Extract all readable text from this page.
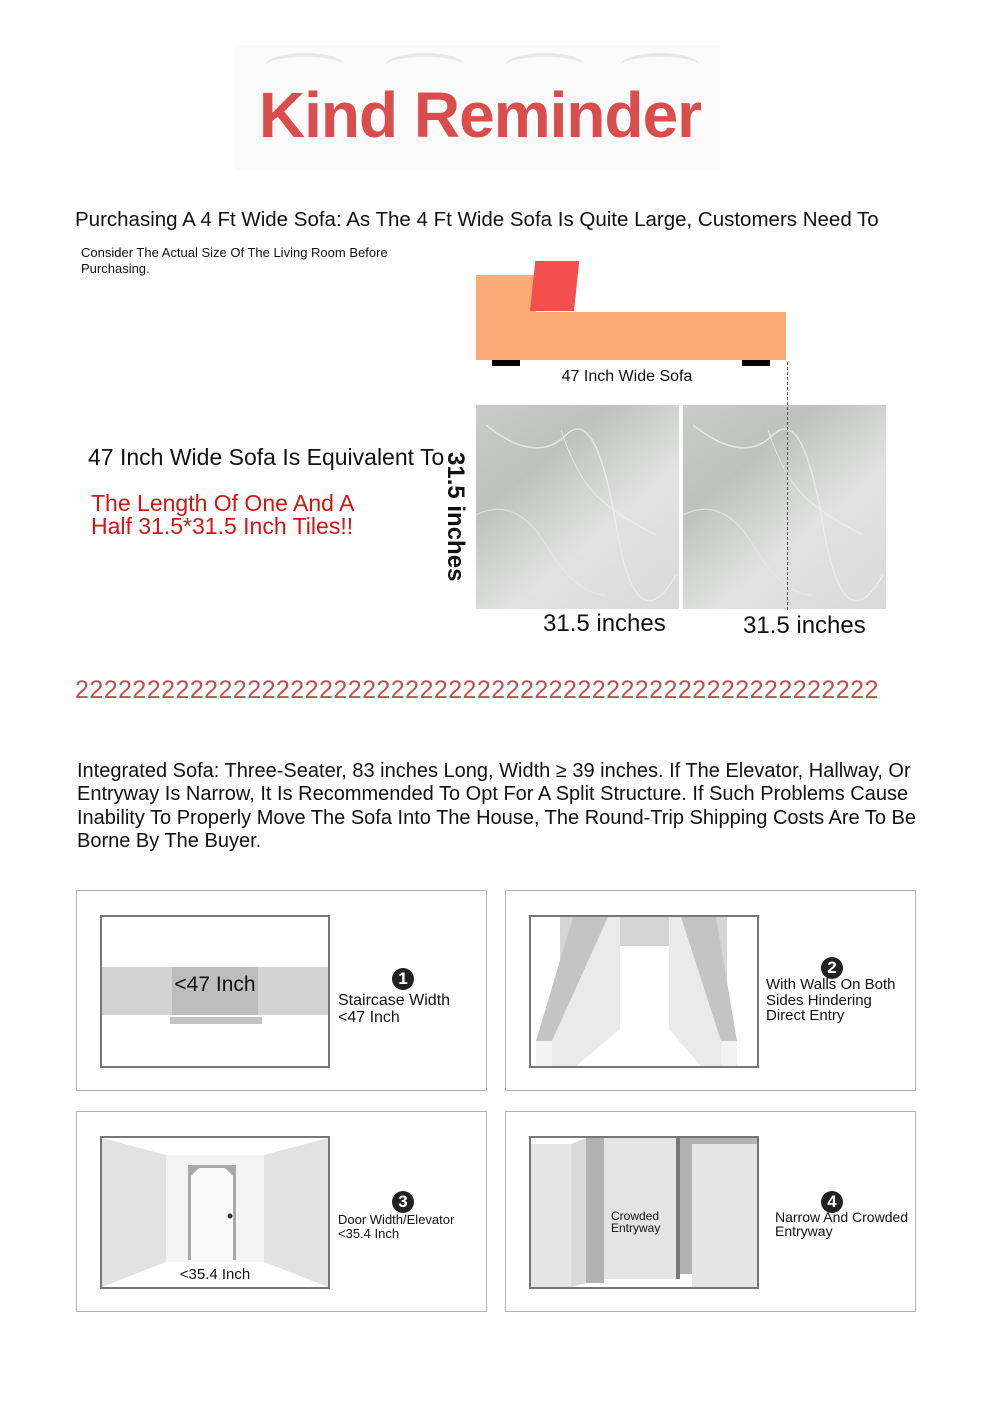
Kind Reminder
Purchasing A 4 Ft Wide Sofa: As The 4 Ft Wide Sofa Is Quite Large, Customers Need To
Consider The Actual Size Of The Living Room Before Purchasing.
47 Inch Wide Sofa
31.5 inches
31.5 inches	31.5 inches
47 Inch Wide Sofa Is Equivalent To
The Length Of One And A Half 31.5*31.5 Inch Tiles!!
22222222222222222222222222222222222222222222222222222222
Integrated Sofa: Three-Seater, 83 inches Long, Width ≥ 39 inches. If The Elevator, Hallway, Or Entryway Is Narrow, It Is Recommended To Opt For A Split Structure. If Such Problems Cause Inability To Properly Move The Sofa Into The House, The Round-Trip Shipping Costs Are To Be Borne By The Buyer.
<47 Inch	1
Staircase Width <47 Inch
2
With Walls On Both Sides Hindering Direct Entry
<35.4 Inch
3
Door Width/Elevator <35.4 Inch
Crowded Entryway
4
Narrow And Crowded Entryway
